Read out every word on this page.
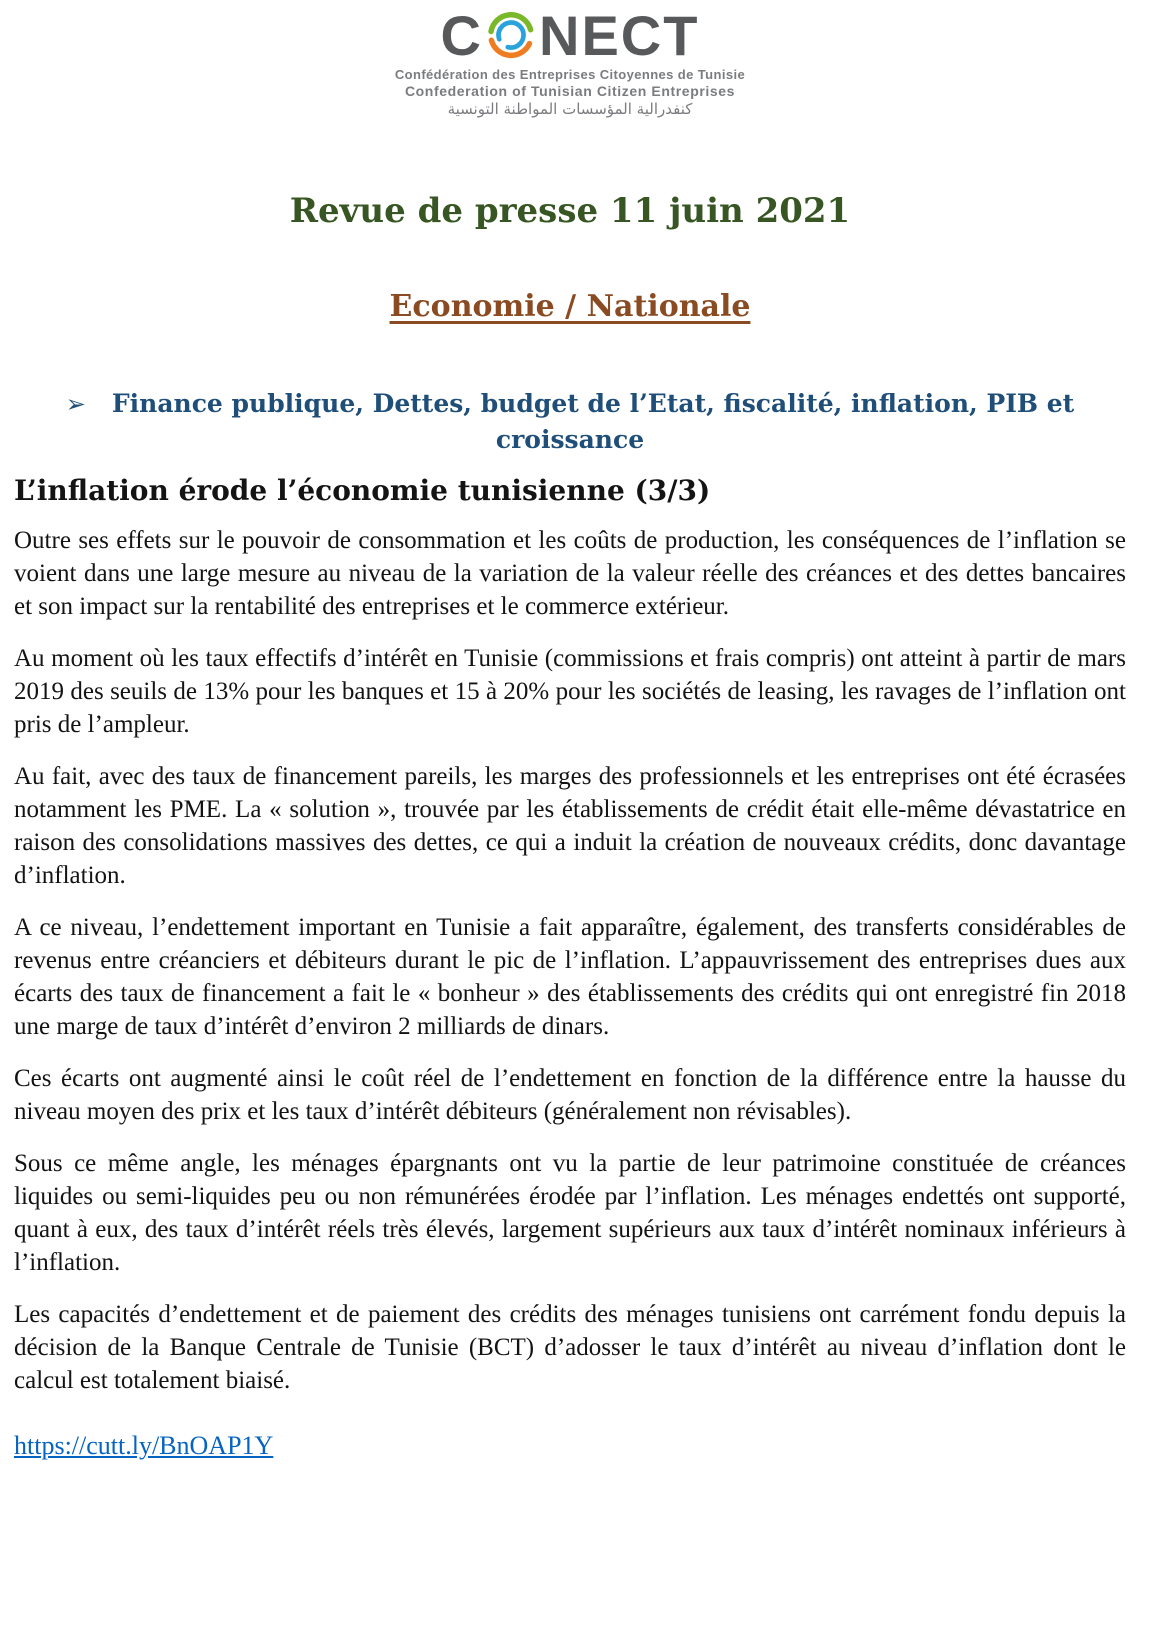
C NECT
Confédération des Entreprises Citoyennes de Tunisie
Confederation of Tunisian Citizen Entreprises
كنفدرالية المؤسسات المواطنة التونسية
Revue de presse 11 juin 2021
Economie / Nationale
➢ Finance publique, Dettes, budget de l’Etat, fiscalité, inflation, PIB et
croissance
L’inflation érode l’économie tunisienne (3/3)

Outre ses effets sur le pouvoir de consommation et les coûts de production, les conséquences de l’inflation se voient dans une large mesure au niveau de la variation de la valeur réelle des créances et des dettes bancaires et son impact sur la rentabilité des entreprises et le commerce extérieur.

Au moment où les taux effectifs d’intérêt en Tunisie (commissions et frais compris) ont atteint à partir de mars 2019 des seuils de 13% pour les banques et 15 à 20% pour les sociétés de leasing, les ravages de l’inflation ont pris de l’ampleur.

Au fait, avec des taux de financement pareils, les marges des professionnels et les entreprises ont été écrasées notamment les PME. La « solution », trouvée par les établissements de crédit était elle-même dévastatrice en raison des consolidations massives des dettes, ce qui a induit la création de nouveaux crédits, donc davantage d’inflation.

A ce niveau, l’endettement important en Tunisie a fait apparaître, également, des transferts considérables de revenus entre créanciers et débiteurs durant le pic de l’inflation. L’appauvrissement des entreprises dues aux écarts des taux de financement a fait le « bonheur » des établissements des crédits qui ont enregistré fin 2018 une marge de taux d’intérêt d’environ 2 milliards de dinars.

Ces écarts ont augmenté ainsi le coût réel de l’endettement en fonction de la différence entre la hausse du niveau moyen des prix et les taux d’intérêt débiteurs (généralement non révisables).

Sous ce même angle, les ménages épargnants ont vu la partie de leur patrimoine constituée de créances liquides ou semi-liquides peu ou non rémunérées érodée par l’inflation. Les ménages endettés ont supporté, quant à eux, des taux d’intérêt réels très élevés, largement supérieurs aux taux d’intérêt nominaux inférieurs à l’inflation.

Les capacités d’endettement et de paiement des crédits des ménages tunisiens ont carrément fondu depuis la décision de la Banque Centrale de Tunisie (BCT) d’adosser le taux d’intérêt au niveau d’inflation dont le calcul est totalement biaisé.

https://cutt.ly/BnOAP1Y
